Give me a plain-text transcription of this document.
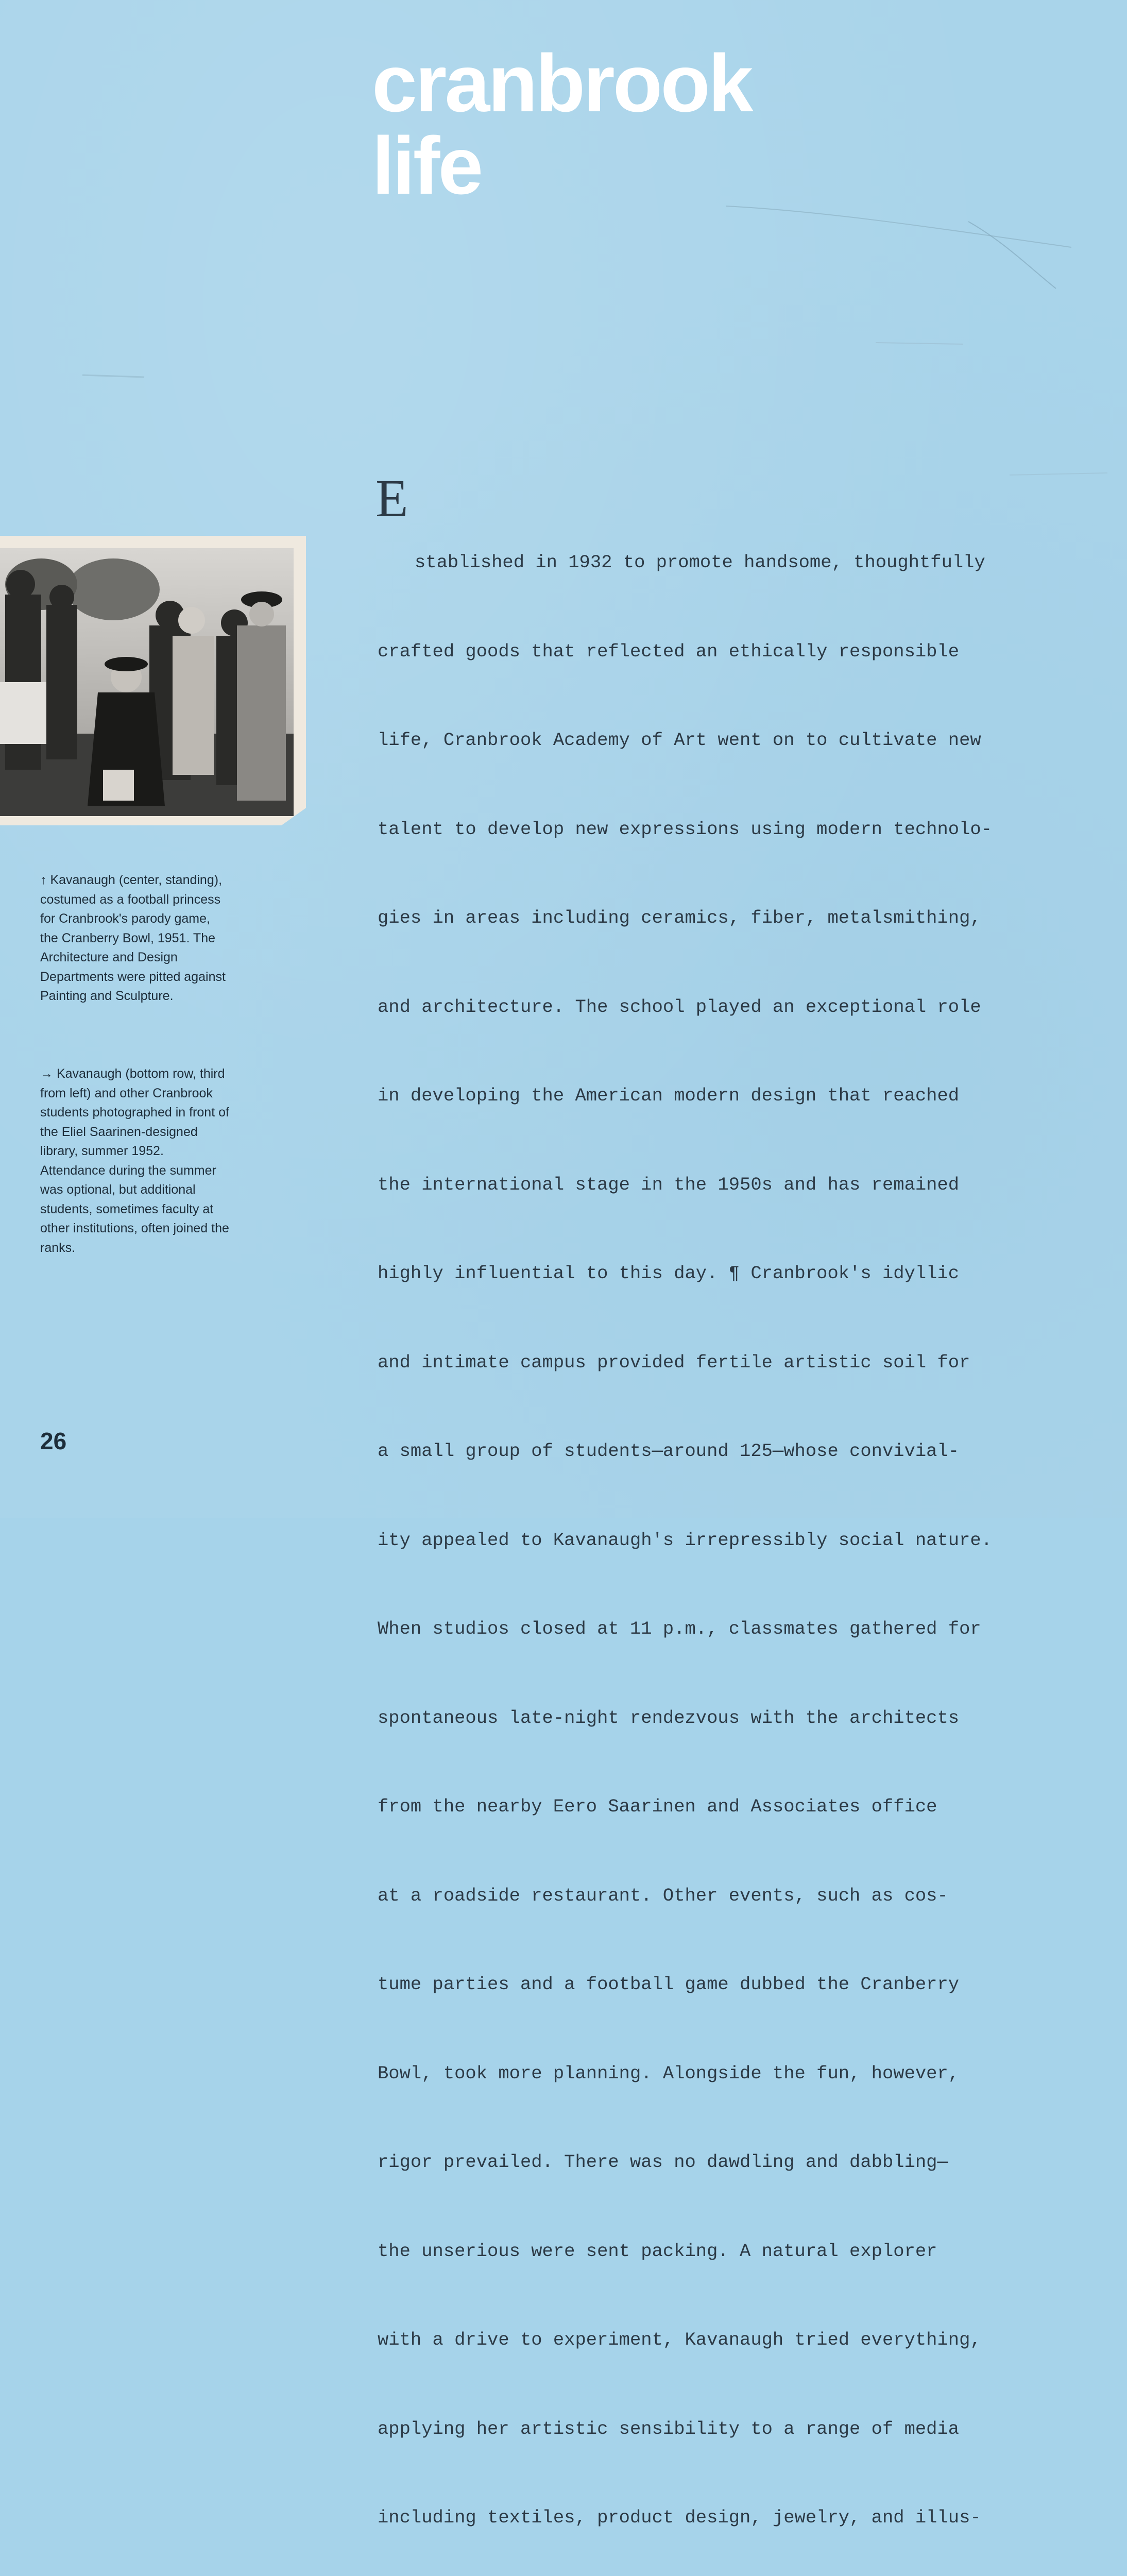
cranbrook
life

↑ Kavanaugh (center, standing), costumed as a football princess for Cranbrook's parody game, the Cranberry Bowl, 1951. The Architecture and Design Departments were pitted against Painting and Sculpture.

→ Kavanaugh (bottom row, third from left) and other Cranbrook students photographed in front of the Eliel Saarinen-designed library, summer 1952. Attendance during the summer was optional, but additional students, sometimes faculty at other institutions, often joined the ranks.

E

stablished in 1932 to promote handsome, thoughtfully

crafted goods that reflected an ethically responsible

life, Cranbrook Academy of Art went on to cultivate new

talent to develop new expressions using modern technolo-

gies in areas including ceramics, fiber, metalsmithing,

and architecture. The school played an exceptional role

in developing the American modern design that reached

the international stage in the 1950s and has remained

highly influential to this day. ¶ Cranbrook's idyllic

and intimate campus provided fertile artistic soil for

a small group of students—around 125—whose convivial-

ity appealed to Kavanaugh's irrepressibly social nature.

When studios closed at 11 p.m., classmates gathered for

spontaneous late-night rendezvous with the architects

from the nearby Eero Saarinen and Associates office

at a roadside restaurant. Other events, such as cos-

tume parties and a football game dubbed the Cranberry

Bowl, took more planning. Alongside the fun, however,

rigor prevailed. There was no dawdling and dabbling—

the unserious were sent packing. A natural explorer

with a drive to experiment, Kavanaugh tried everything,

applying her artistic sensibility to a range of media

including textiles, product design, jewelry, and illus-

26
